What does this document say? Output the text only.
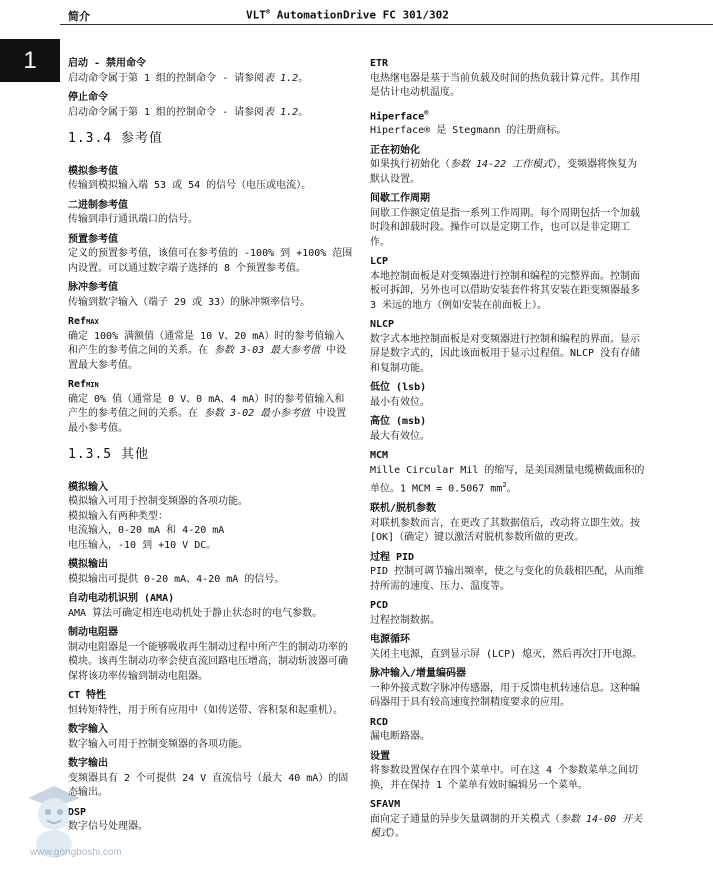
简介	VLT® AutomationDrive FC 301/302
1	启动 - 禁用命令

启动命令属于第 1 组的控制命令 - 请参阅表 1.2。

停止命令

启动命令属于第 1 组的控制命令 - 请参阅表 1.2。

1.3.4 参考值

模拟参考值

传输到模拟输入端 53 或 54 的信号（电压或电流）。

二进制参考值

传输到串行通讯端口的信号。

预置参考值

定义的预置参考值，该值可在参考值的 -100% 到 +100% 范围内设置。可以通过数字端子选择的 8 个预置参考值。

脉冲参考值

传输到数字输入（端子 29 或 33）的脉冲频率信号。

RefMAX

确定 100% 满额值（通常是 10 V、20 mA）时的参考值输入和产生的参考值之间的关系。在 参数 3-03 最大参考值 中设置最大参考值。

RefMIN

确定 0% 值（通常是 0 V、0 mA、4 mA）时的参考值输入和产生的参考值之间的关系。在 参数 3-02 最小参考值 中设置最小参考值。

1.3.5 其他

模拟输入

模拟输入可用于控制变频器的各项功能。
模拟输入有两种类型：
电流输入，0-20 mA 和 4-20 mA
电压输入，-10 到 +10 V DC。

模拟输出

模拟输出可提供 0-20 mA、4-20 mA 的信号。

自动电动机识别 (AMA)

AMA 算法可确定相连电动机处于静止状态时的电气参数。

制动电阻器

制动电阻器是一个能够吸收再生制动过程中所产生的制动功率的模块。该再生制动功率会使直流回路电压增高，制动斩波器可确保将该功率传输到制动电阻器。

CT 特性

恒转矩特性，用于所有应用中（如传送带、容积泵和起重机）。

数字输入

数字输入可用于控制变频器的各项功能。

数字输出

变频器具有 2 个可提供 24 V 直流信号（最大 40 mA）的固态输出。

DSP

数字信号处理器。

ETR

电热继电器是基于当前负载及时间的热负载计算元件。其作用是估计电动机温度。

Hiperface®

Hiperface® 是 Stegmann 的注册商标。

正在初始化

如果执行初始化（参数 14-22 工作模式），变频器将恢复为默认设置。

间歇工作周期

间歇工作额定值是指一系列工作周期。每个周期包括一个加载时段和卸载时段。操作可以是定期工作，也可以是非定期工作。

LCP

本地控制面板是对变频器进行控制和编程的完整界面。控制面板可拆卸，另外也可以借助安装套件将其安装在距变频器最多 3 米远的地方（例如安装在前面板上）。

NLCP

数字式本地控制面板是对变频器进行控制和编程的界面。显示屏是数字式的，因此该面板用于显示过程值。NLCP 没有存储和复制功能。

低位 (lsb)

最小有效位。

高位 (msb)

最大有效位。

MCM

Mille Circular Mil 的缩写，是美国测量电缆横截面积的单位。1 MCM = 0.5067 $mm^2$。

联机/脱机参数

对联机参数而言，在更改了其数据值后，改动将立即生效。按 [OK]（确定）键以激活对脱机参数所做的更改。

过程 PID

PID 控制可调节输出频率，使之与变化的负载相匹配，从而维持所需的速度、压力、温度等。

PCD

过程控制数据。

电源循环

关闭主电源，直到显示屏 (LCP) 熄灭，然后再次打开电源。

脉冲输入/增量编码器

一种外接式数字脉冲传感器，用于反馈电机转速信息。这种编码器用于具有较高速度控制精度要求的应用。

RCD

漏电断路器。

设置

将参数设置保存在四个菜单中。可在这 4 个参数菜单之间切换，并在保持 1 个菜单有效时编辑另一个菜单。

SFAVM

面向定子通量的异步矢量调制的开关模式（参数 14-00 开关模式）。

www.gongboshi.com
